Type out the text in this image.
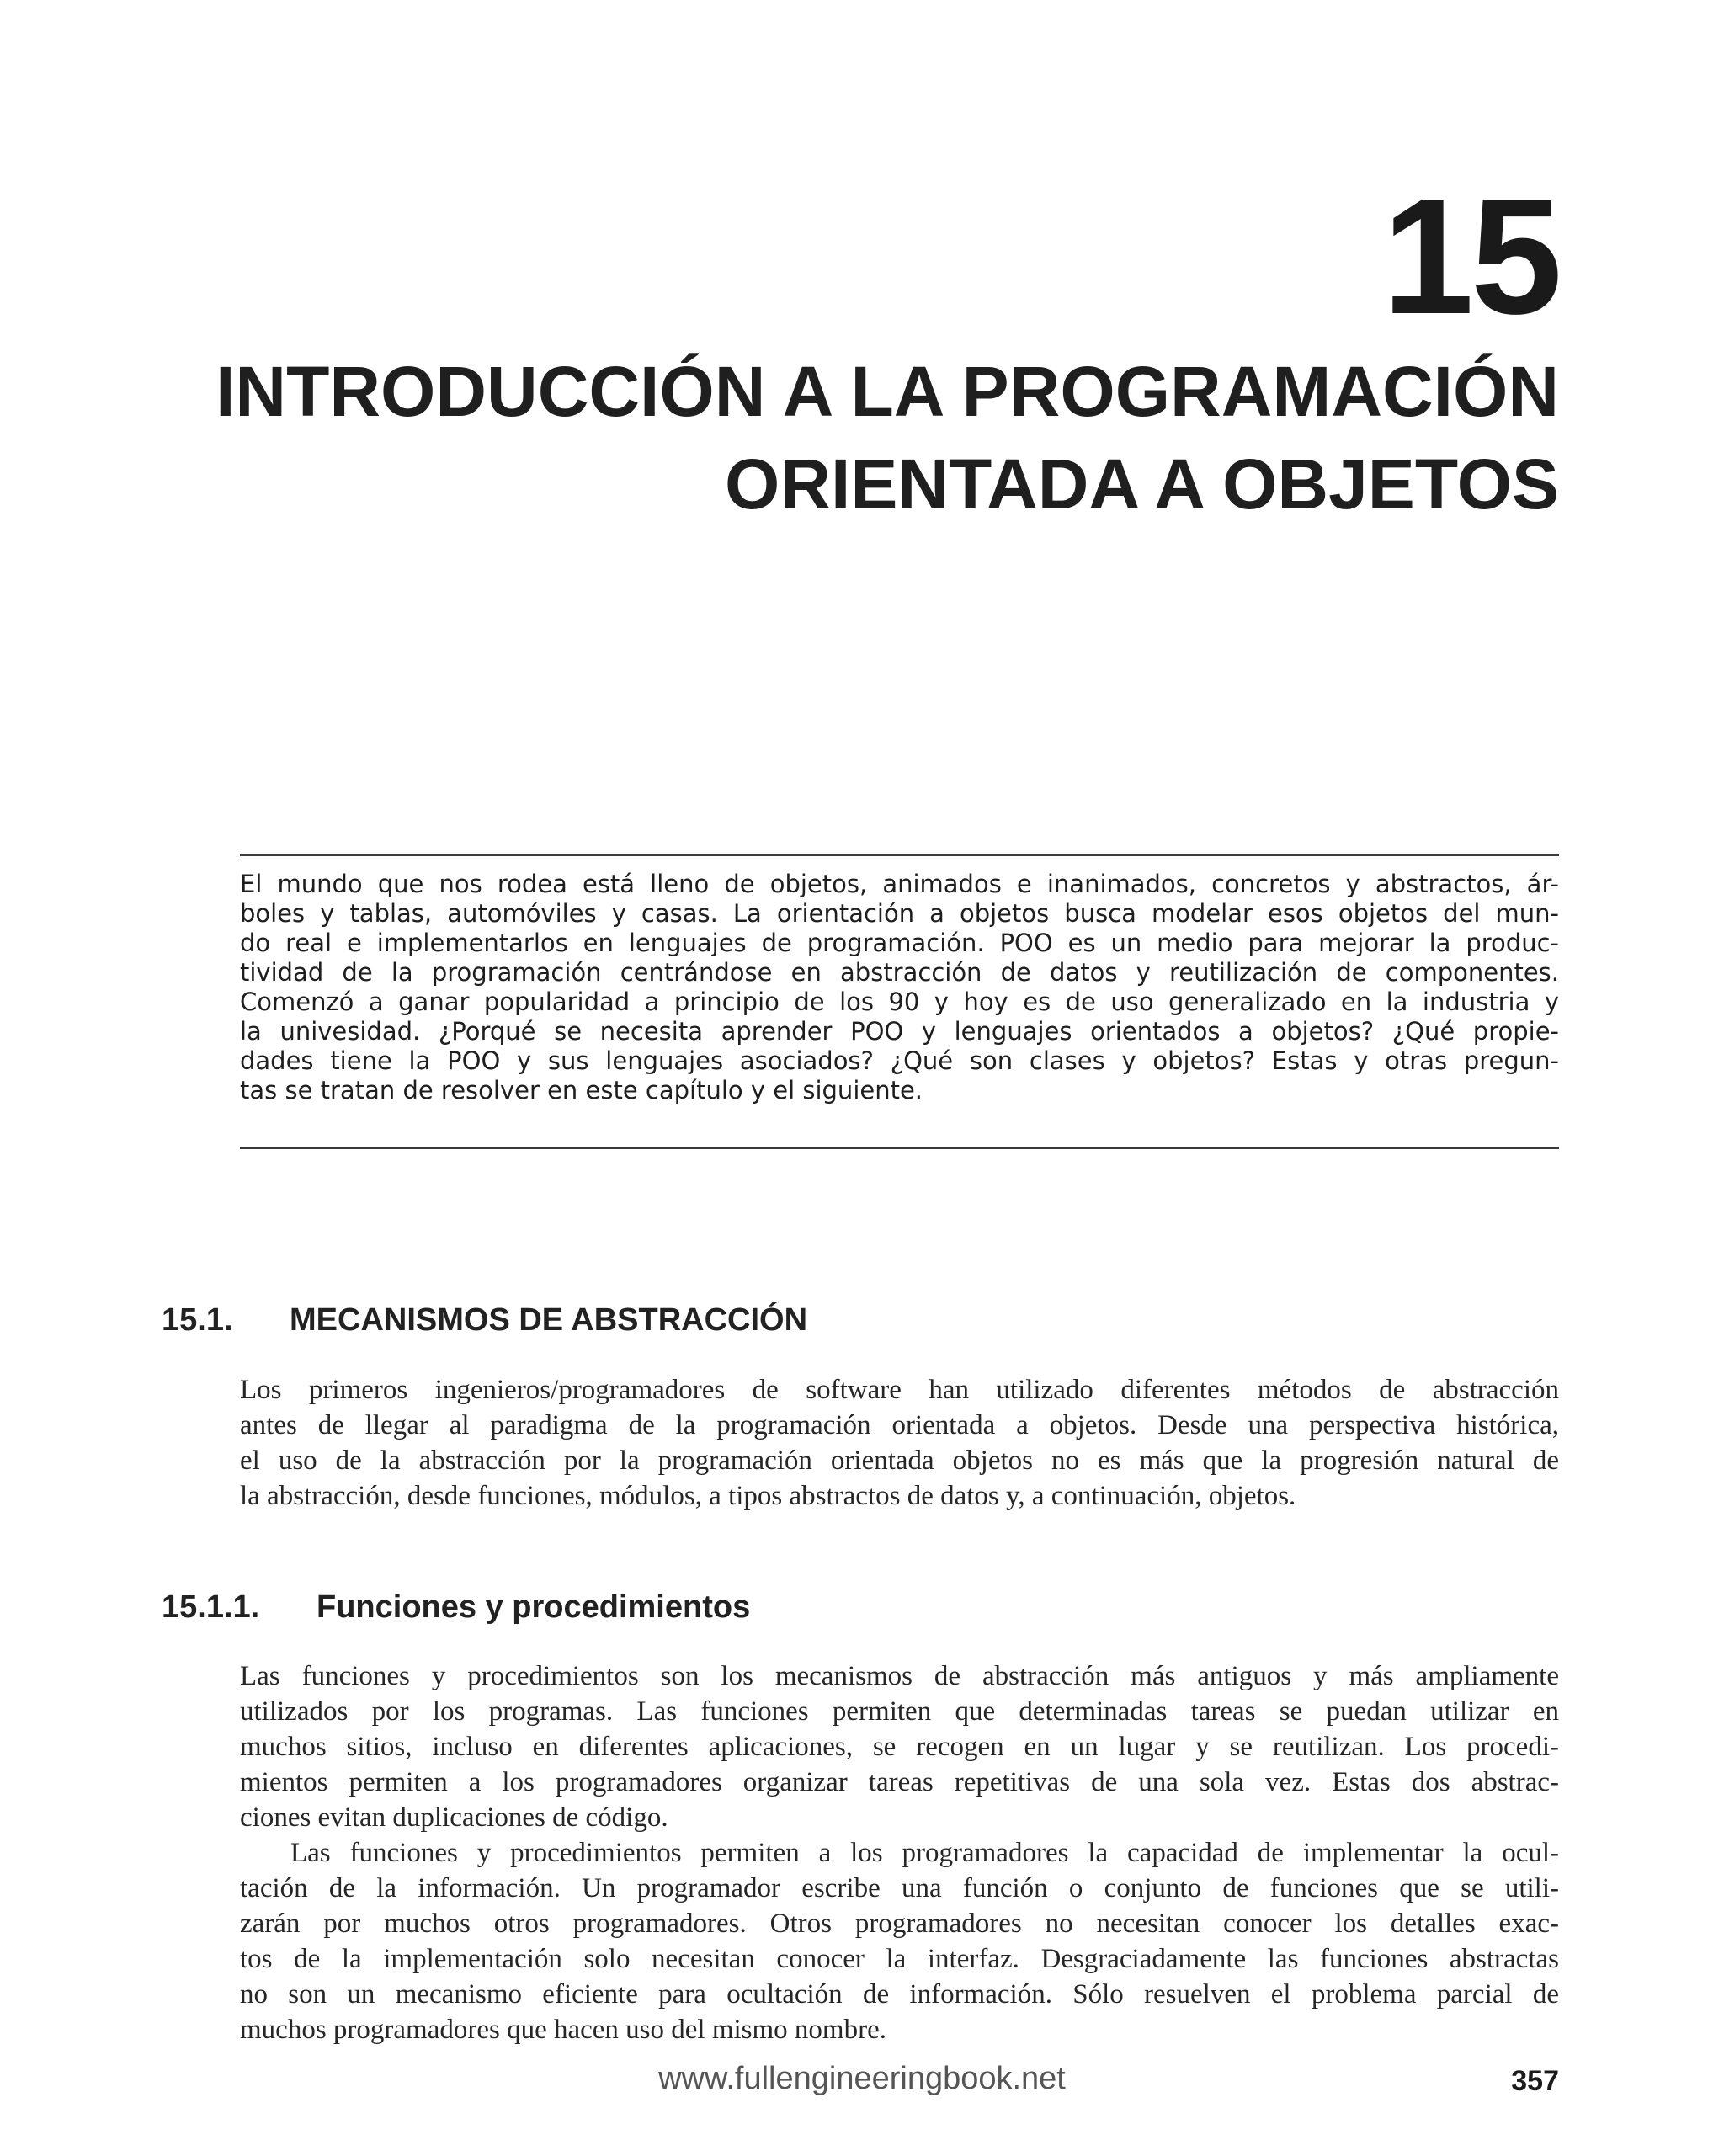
15
INTRODUCCIÓN A LA PROGRAMACIÓN
ORIENTADA A OBJETOS

El mundo que nos rodea está lleno de objetos, animados e inanimados, concretos y abstractos, ár-
boles y tablas, automóviles y casas. La orientación a objetos busca modelar esos objetos del mun-
do real e implementarlos en lenguajes de programación. POO es un medio para mejorar la produc-
tividad de la programación centrándose en abstracción de datos y reutilización de componentes.
Comenzó a ganar popularidad a principio de los 90 y hoy es de uso generalizado en la industria y
la univesidad. ¿Porqué se necesita aprender POO y lenguajes orientados a objetos? ¿Qué propie-
dades tiene la POO y sus lenguajes asociados? ¿Qué son clases y objetos? Estas y otras pregun-
tas se tratan de resolver en este capítulo y el siguiente.

15.1. MECANISMOS DE ABSTRACCIÓN

Los primeros ingenieros/programadores de software han utilizado diferentes métodos de abstracción
antes de llegar al paradigma de la programación orientada a objetos. Desde una perspectiva histórica,
el uso de la abstracción por la programación orientada objetos no es más que la progresión natural de
la abstracción, desde funciones, módulos, a tipos abstractos de datos y, a continuación, objetos.

15.1.1. Funciones y procedimientos

Las funciones y procedimientos son los mecanismos de abstracción más antiguos y más ampliamente
utilizados por los programas. Las funciones permiten que determinadas tareas se puedan utilizar en
muchos sitios, incluso en diferentes aplicaciones, se recogen en un lugar y se reutilizan. Los procedi-
mientos permiten a los programadores organizar tareas repetitivas de una sola vez. Estas dos abstrac-
ciones evitan duplicaciones de código.

Las funciones y procedimientos permiten a los programadores la capacidad de implementar la ocul-
tación de la información. Un programador escribe una función o conjunto de funciones que se utili-
zarán por muchos otros programadores. Otros programadores no necesitan conocer los detalles exac-
tos de la implementación solo necesitan conocer la interfaz. Desgraciadamente las funciones abstractas
no son un mecanismo eficiente para ocultación de información. Sólo resuelven el problema parcial de
muchos programadores que hacen uso del mismo nombre.

www.fullengineeringbook.net	357
